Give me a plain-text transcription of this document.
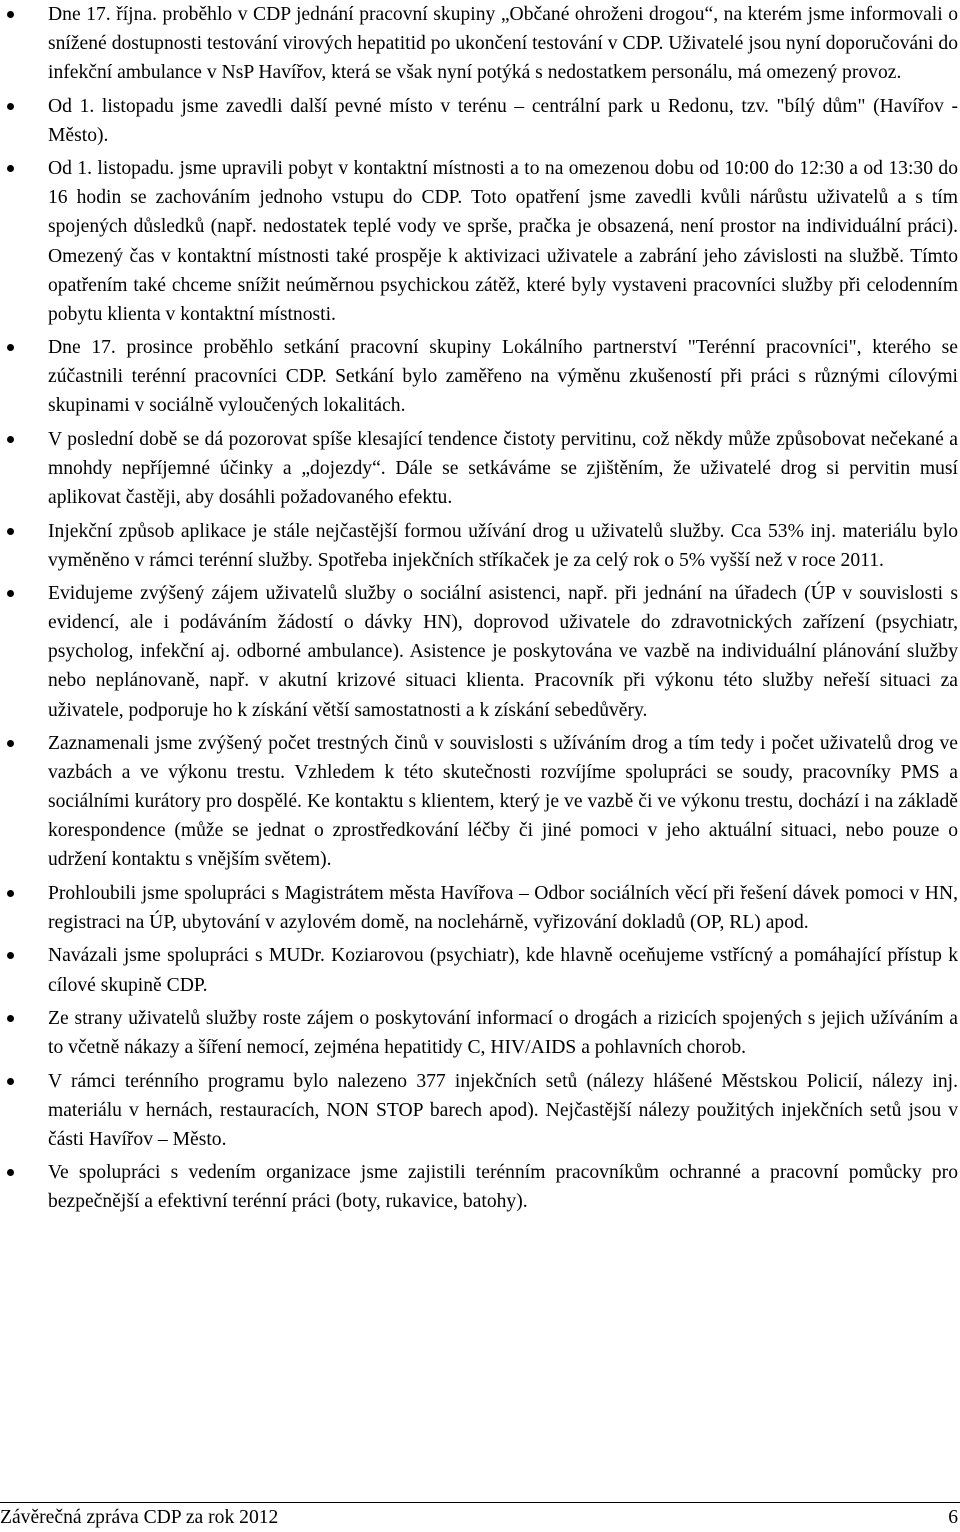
Dne 17. října. proběhlo v CDP jednání pracovní skupiny „Občané ohroženi drogou“, na kterém jsme informovali o snížené dostupnosti testování virových hepatitid po ukončení testování v CDP. Uživatelé jsou nyní doporučováni do infekční ambulance v NsP Havířov, která se však nyní potýká s nedostatkem personálu, má omezený provoz.
Od 1. listopadu jsme zavedli další pevné místo v terénu – centrální park u Redonu, tzv. "bílý dům" (Havířov - Město).
Od 1. listopadu. jsme upravili pobyt v kontaktní místnosti a to na omezenou dobu od 10:00 do 12:30 a od 13:30 do 16 hodin se zachováním jednoho vstupu do CDP. Toto opatření jsme zavedli kvůli nárůstu uživatelů a s tím spojených důsledků (např. nedostatek teplé vody ve sprše, pračka je obsazená, není prostor na individuální práci). Omezený čas v kontaktní místnosti také prospěje k aktivizaci uživatele a zabrání jeho závislosti na službě. Tímto opatřením také chceme snížit neúměrnou psychickou zátěž, které byly vystaveni pracovníci služby při celodenním pobytu klienta v kontaktní místnosti.
Dne 17. prosince proběhlo setkání pracovní skupiny Lokálního partnerství "Terénní pracovníci", kterého se zúčastnili terénní pracovníci CDP. Setkání bylo zaměřeno na výměnu zkušeností při práci s různými cílovými skupinami v sociálně vyloučených lokalitách.
V poslední době se dá pozorovat spíše klesající tendence čistoty pervitinu, což někdy může způsobovat nečekané a mnohdy nepříjemné účinky a „dojezdy“. Dále se setkáváme se zjištěním, že uživatelé drog si pervitin musí aplikovat častěji, aby dosáhli požadovaného efektu.
Injekční způsob aplikace je stále nejčastější formou užívání drog u uživatelů služby. Cca 53% inj. materiálu bylo vyměněno v rámci terénní služby. Spotřeba injekčních stříkaček je za celý rok o 5% vyšší než v roce 2011.
Evidujeme zvýšený zájem uživatelů služby o sociální asistenci, např. při jednání na úřadech (ÚP v souvislosti s evidencí, ale i podáváním žádostí o dávky HN), doprovod uživatele do zdravotnických zařízení (psychiatr, psycholog, infekční aj. odborné ambulance). Asistence je poskytována ve vazbě na individuální plánování služby nebo neplánovaně, např. v akutní krizové situaci klienta. Pracovník při výkonu této služby neřeší situaci za uživatele, podporuje ho k získání větší samostatnosti a k získání sebedůvěry.
Zaznamenali jsme zvýšený počet trestných činů v souvislosti s užíváním drog a tím tedy i počet uživatelů drog ve vazbách a ve výkonu trestu. Vzhledem k této skutečnosti rozvíjíme spolupráci se soudy, pracovníky PMS a sociálními kurátory pro dospělé. Ke kontaktu s klientem, který je ve vazbě či ve výkonu trestu, dochází i na základě korespondence (může se jednat o zprostředkování léčby či jiné pomoci v jeho aktuální situaci, nebo pouze o udržení kontaktu s vnějším světem).
Prohloubili jsme spolupráci s Magistrátem města Havířova – Odbor sociálních věcí při řešení dávek pomoci v HN, registraci na ÚP, ubytování v azylovém domě, na noclehárně, vyřizování dokladů (OP, RL) apod.
Navázali jsme spolupráci s MUDr. Koziarovou (psychiatr), kde hlavně oceňujeme vstřícný a pomáhající přístup k cílové skupině CDP.
Ze strany uživatelů služby roste zájem o poskytování informací o drogách a rizicích spojených s jejich užíváním a to včetně nákazy a šíření nemocí, zejména hepatitidy C, HIV/AIDS a pohlavních chorob.
V rámci terénního programu bylo nalezeno 377 injekčních setů (nálezy hlášené Městskou Policií, nálezy inj. materiálu v hernách, restauracích, NON STOP barech apod). Nejčastější nálezy použitých injekčních setů jsou v části Havířov – Město.
Ve spolupráci s vedením organizace jsme zajistili terénním pracovníkům ochranné a pracovní pomůcky pro bezpečnější a efektivní terénní práci (boty, rukavice, batohy).
Závěrečná zpráva CDP za rok 2012	6
